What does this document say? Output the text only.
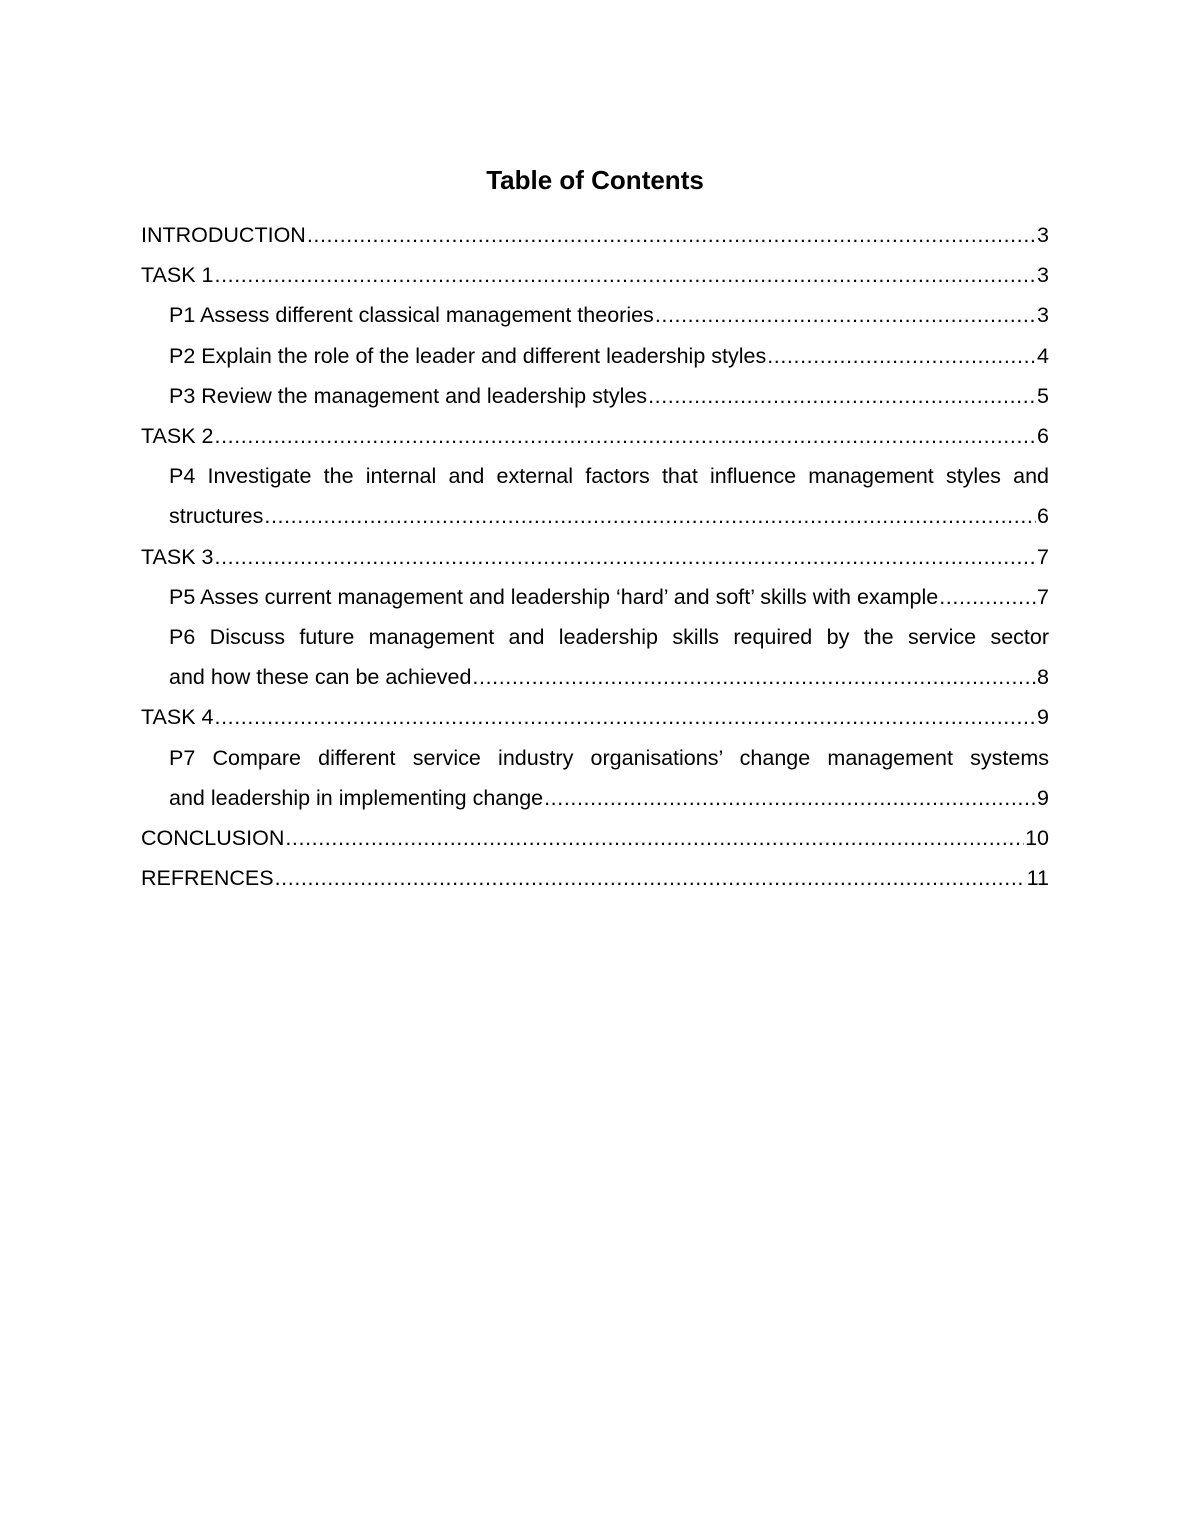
Table of Contents
INTRODUCTION .....	3
TASK 1 .....	3
P1 Assess different classical management theories .....	3
P2 Explain the role of the leader and different leadership styles .....	4
P3 Review the management and leadership styles .....	5
TASK 2 .....	6
P4 Investigate the internal and external factors that influence management styles and
structures .....	6
TASK 3 .....	7
P5 Asses current management and leadership ‘hard’ and soft’ skills with example .....	7
P6 Discuss future management and leadership skills required by the service sector
and how these can be achieved .....	8
TASK 4 .....	9
P7 Compare different service industry organisations’ change management systems
and leadership in implementing change .....	9
CONCLUSION .....	10
REFRENCES .....	11
